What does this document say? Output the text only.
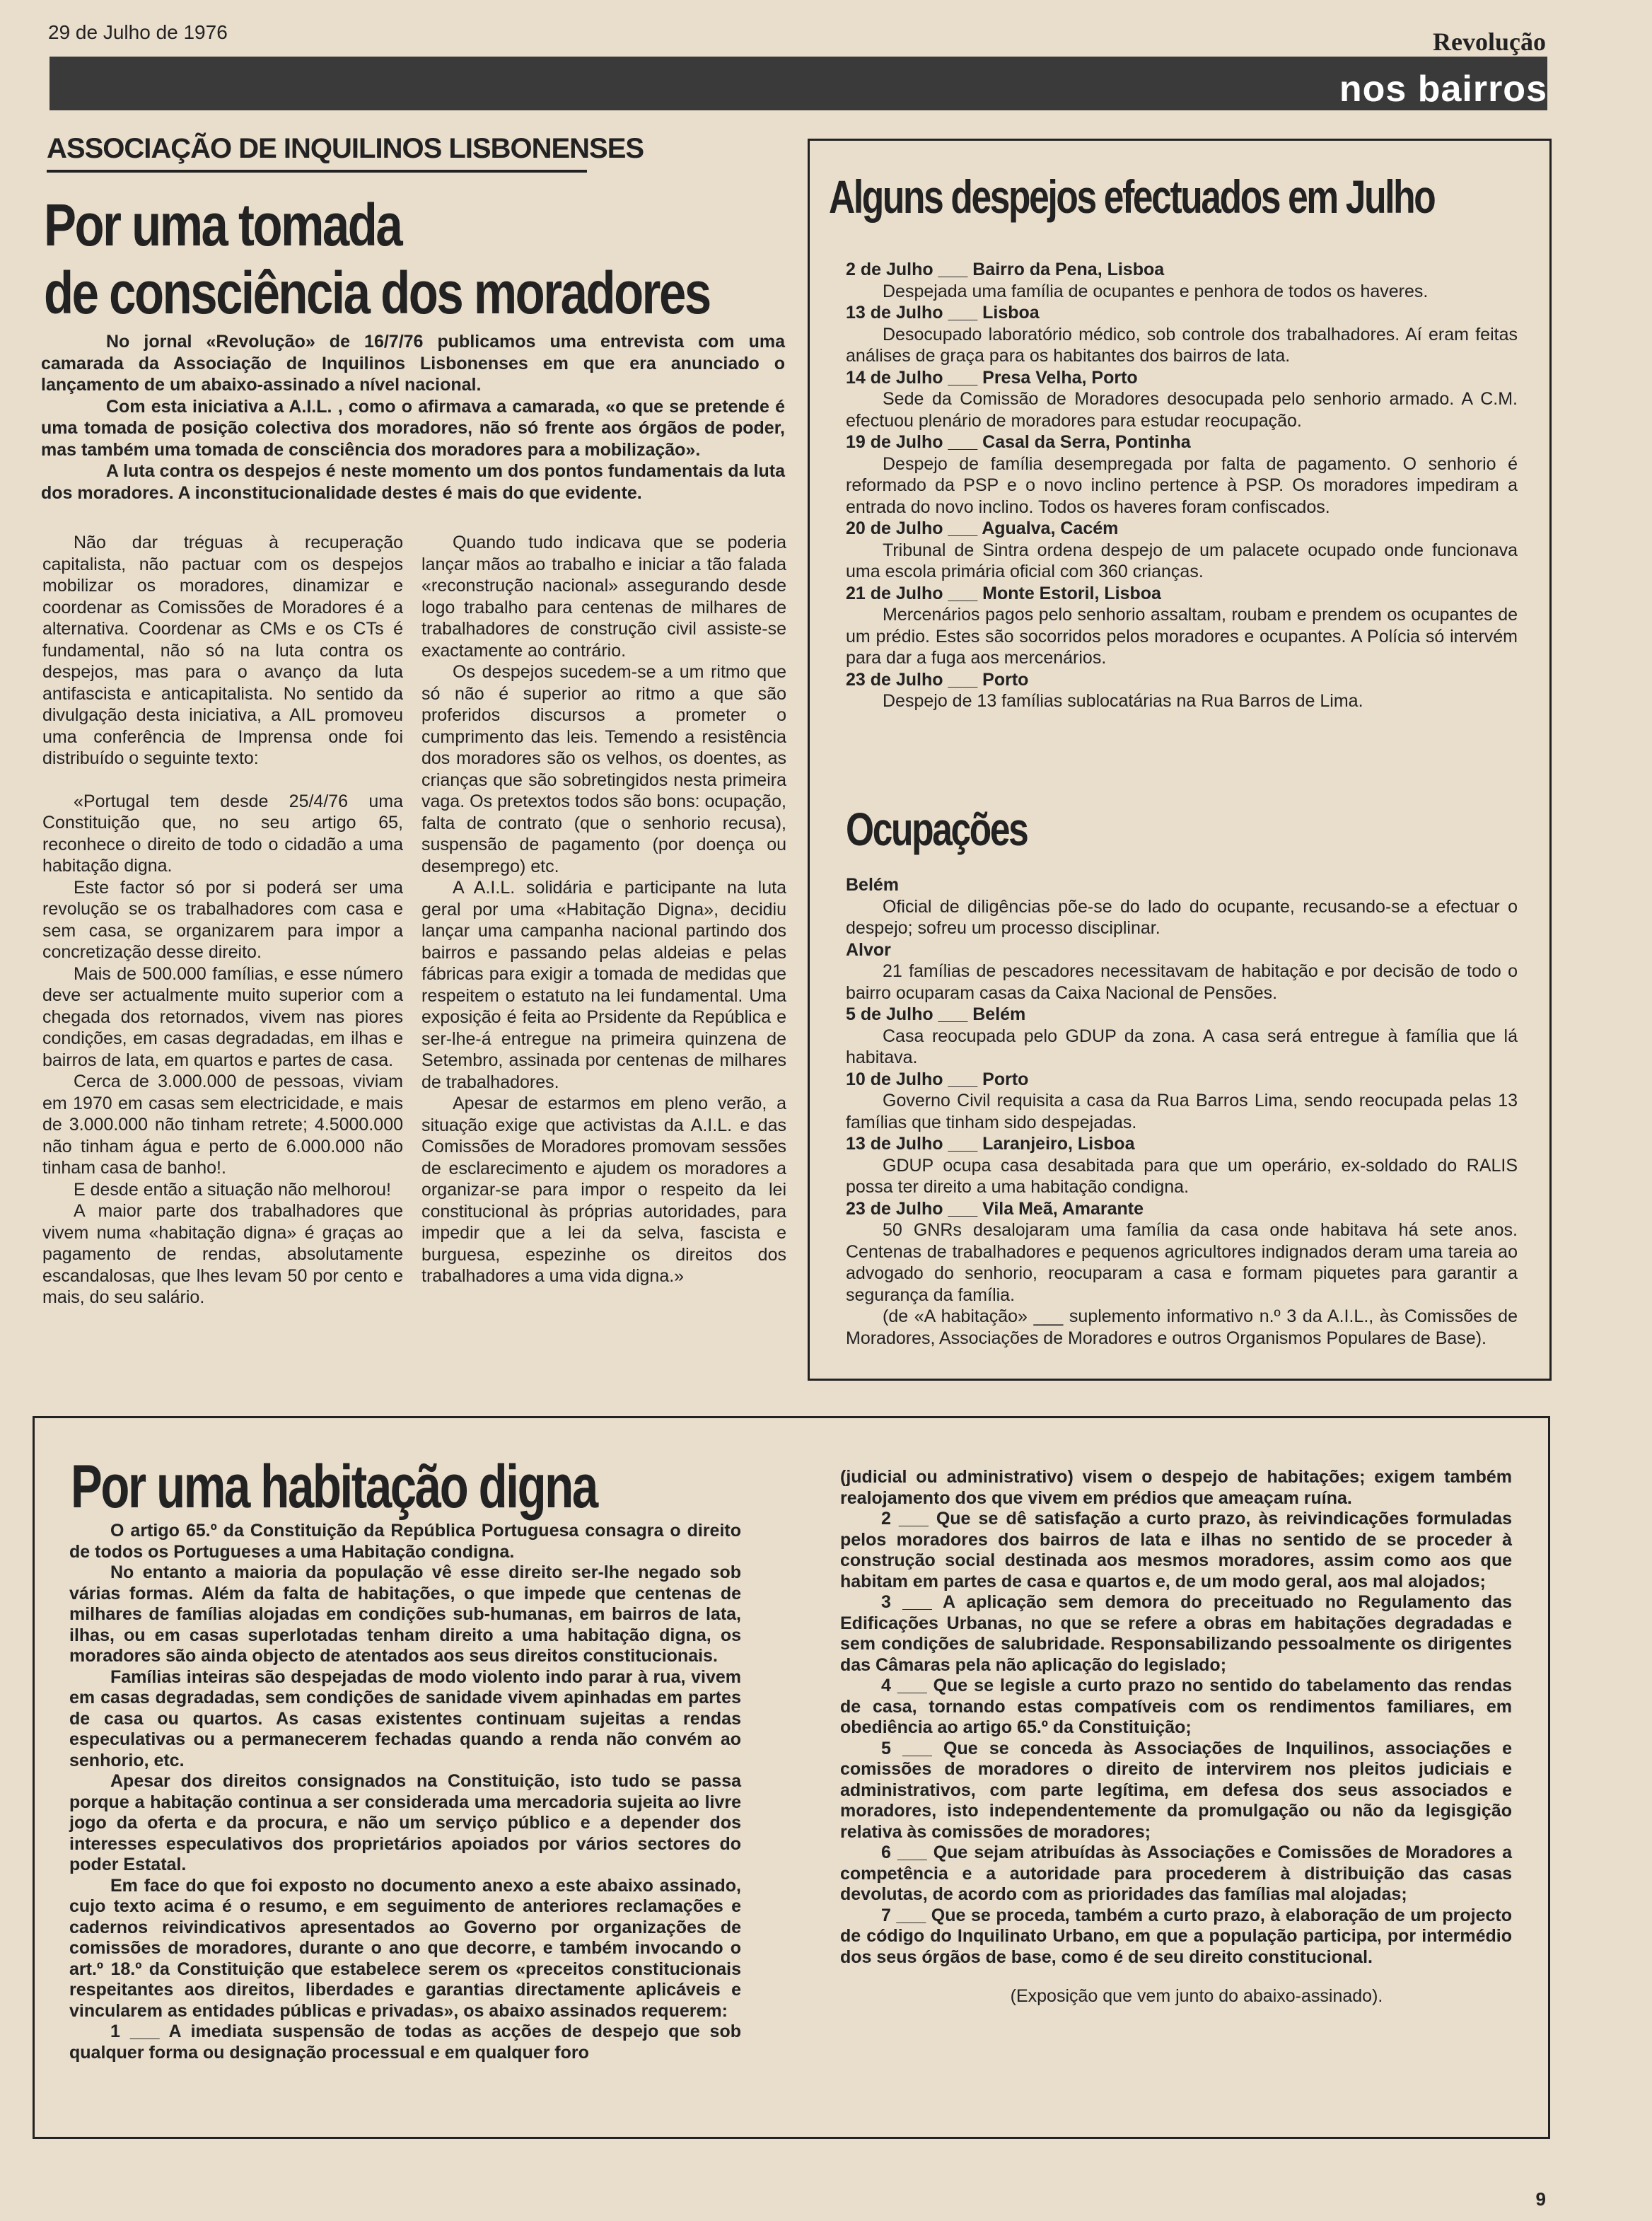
29 de Julho de 1976	Revolução
nos bairros
ASSOCIAÇÃO DE INQUILINOS LISBONENSES
Por uma tomada
de consciência dos moradores

No jornal «Revolução» de 16/7/76 publicamos uma entrevista com uma camarada da Associação de Inquilinos Lisbonenses em que era anunciado o lançamento de um abaixo-assinado a nível nacional.

Com esta iniciativa a A.I.L. , como o afirmava a camarada, «o que se pretende é uma tomada de posição colectiva dos moradores, não só frente aos órgãos de poder, mas também uma tomada de consciência dos moradores para a mobilização».

A luta contra os despejos é neste momento um dos pontos fundamentais da luta dos moradores. A inconstitucionalidade destes é mais do que evidente.

Não dar tréguas à recuperação capitalista, não pactuar com os despejos mobilizar os moradores, dinamizar e coordenar as Comissões de Moradores é a alternativa. Coordenar as CMs e os CTs é fundamental, não só na luta contra os despejos, mas para o avanço da luta antifascista e anticapitalista. No sentido da divulgação desta iniciativa, a AIL promoveu uma conferência de Imprensa onde foi distribuído o seguinte texto:

«Portugal tem desde 25/4/76 uma Constituição que, no seu artigo 65, reconhece o direito de todo o cidadão a uma habitação digna.

Este factor só por si poderá ser uma revolução se os trabalhadores com casa e sem casa, se organizarem para impor a concretização desse direito.

Mais de 500.000 famílias, e esse número deve ser actualmente muito superior com a chegada dos retornados, vivem nas piores condições, em casas degradadas, em ilhas e bairros de lata, em quartos e partes de casa.

Cerca de 3.000.000 de pessoas, viviam em 1970 em casas sem electricidade, e mais de 3.000.000 não tinham retrete; 4.5000.000 não tinham água e perto de 6.000.000 não tinham casa de banho!.

E desde então a situação não melhorou!

A maior parte dos trabalhadores que vivem numa «habitação digna» é graças ao pagamento de rendas, absolutamente escandalosas, que lhes levam 50 por cento e mais, do seu salário.

Quando tudo indicava que se poderia lançar mãos ao trabalho e iniciar a tão falada «reconstrução nacional» assegurando desde logo trabalho para centenas de milhares de trabalhadores de construção civil assiste-se exactamente ao contrário.

Os despejos sucedem-se a um ritmo que só não é superior ao ritmo a que são proferidos discursos a prometer o cumprimento das leis. Temendo a resistência dos moradores são os velhos, os doentes, as crianças que são sobretingidos nesta primeira vaga. Os pretextos todos são bons: ocupação, falta de contrato (que o senhorio recusa), suspensão de pagamento (por doença ou desemprego) etc.

A A.I.L. solidária e participante na luta geral por uma «Habitação Digna», decidiu lançar uma campanha nacional partindo dos bairros e passando pelas aldeias e pelas fábricas para exigir a tomada de medidas que respeitem o estatuto na lei fundamental. Uma exposição é feita ao Prsidente da República e ser-lhe-á entregue na primeira quinzena de Setembro, assinada por centenas de milhares de trabalhadores.

Apesar de estarmos em pleno verão, a situação exige que activistas da A.I.L. e das Comissões de Moradores promovam sessões de esclarecimento e ajudem os moradores a organizar-se para impor o respeito da lei constitucional às próprias autoridades, para impedir que a lei da selva, fascista e burguesa, espezinhe os direitos dos trabalhadores a uma vida digna.»

Alguns despejos efectuados em Julho
2 de Julho ___ Bairro da Pena, Lisboa
Despejada uma família de ocupantes e penhora de todos os haveres.
13 de Julho ___ Lisboa
Desocupado laboratório médico, sob controle dos trabalhadores. Aí eram feitas análises de graça para os habitantes dos bairros de lata.
14 de Julho ___ Presa Velha, Porto
Sede da Comissão de Moradores desocupada pelo senhorio armado. A C.M. efectuou plenário de moradores para estudar reocupação.
19 de Julho ___ Casal da Serra, Pontinha
Despejo de família desempregada por falta de pagamento. O senhorio é reformado da PSP e o novo inclino pertence à PSP. Os moradores impediram a entrada do novo inclino. Todos os haveres foram confiscados.
20 de Julho ___ Agualva, Cacém
Tribunal de Sintra ordena despejo de um palacete ocupado onde funcionava uma escola primária oficial com 360 crianças.
21 de Julho ___ Monte Estoril, Lisboa
Mercenários pagos pelo senhorio assaltam, roubam e prendem os ocupantes de um prédio. Estes são socorridos pelos moradores e ocupantes. A Polícia só intervém para dar a fuga aos mercenários.
23 de Julho ___ Porto
Despejo de 13 famílias sublocatárias na Rua Barros de Lima.
Ocupações
Belém
Oficial de diligências põe-se do lado do ocupante, recusando-se a efectuar o despejo; sofreu um processo disciplinar.
Alvor
21 famílias de pescadores necessitavam de habitação e por decisão de todo o bairro ocuparam casas da Caixa Nacional de Pensões.
5 de Julho ___ Belém
Casa reocupada pelo GDUP da zona. A casa será entregue à família que lá habitava.
10 de Julho ___ Porto
Governo Civil requisita a casa da Rua Barros Lima, sendo reocupada pelas 13 famílias que tinham sido despejadas.
13 de Julho ___ Laranjeiro, Lisboa
GDUP ocupa casa desabitada para que um operário, ex-soldado do RALIS possa ter direito a uma habitação condigna.
23 de Julho ___ Vila Meã, Amarante
50 GNRs desalojaram uma família da casa onde habitava há sete anos. Centenas de trabalhadores e pequenos agricultores indignados deram uma tareia ao advogado do senhorio, reocuparam a casa e formam piquetes para garantir a segurança da família.
(de «A habitação» ___ suplemento informativo n.º 3 da A.I.L., às Comissões de Moradores, Associações de Moradores e outros Organismos Populares de Base).
Por uma habitação digna

O artigo 65.º da Constituição da República Portuguesa consagra o direito de todos os Portugueses a uma Habitação condigna.

No entanto a maioria da população vê esse direito ser-lhe negado sob várias formas. Além da falta de habitações, o que impede que centenas de milhares de famílias alojadas em condições sub-humanas, em bairros de lata, ilhas, ou em casas superlotadas tenham direito a uma habitação digna, os moradores são ainda objecto de atentados aos seus direitos constitucionais.

Famílias inteiras são despejadas de modo violento indo parar à rua, vivem em casas degradadas, sem condições de sanidade vivem apinhadas em partes de casa ou quartos. As casas existentes continuam sujeitas a rendas especulativas ou a permanecerem fechadas quando a renda não convém ao senhorio, etc.

Apesar dos direitos consignados na Constituição, isto tudo se passa porque a habitação continua a ser considerada uma mercadoria sujeita ao livre jogo da oferta e da procura, e não um serviço público e a depender dos interesses especulativos dos proprietários apoiados por vários sectores do poder Estatal.

Em face do que foi exposto no documento anexo a este abaixo assinado, cujo texto acima é o resumo, e em seguimento de anteriores reclamações e cadernos reivindicativos apresentados ao Governo por organizações de comissões de moradores, durante o ano que decorre, e também invocando o art.º 18.º da Constituição que estabelece serem os «preceitos constitucionais respeitantes aos direitos, liberdades e garantias directamente aplicáveis e vincularem as entidades públicas e privadas», os abaixo assinados requerem:

1 ___ A imediata suspensão de todas as acções de despejo que sob qualquer forma ou designação processual e em qualquer foro

(judicial ou administrativo) visem o despejo de habitações; exigem também realojamento dos que vivem em prédios que ameaçam ruína.

2 ___ Que se dê satisfação a curto prazo, às reivindicações formuladas pelos moradores dos bairros de lata e ilhas no sentido de se proceder à construção social destinada aos mesmos moradores, assim como aos que habitam em partes de casa e quartos e, de um modo geral, aos mal alojados;

3 ___ A aplicação sem demora do preceituado no Regulamento das Edificações Urbanas, no que se refere a obras em habitações degradadas e sem condições de salubridade. Responsabilizando pessoalmente os dirigentes das Câmaras pela não aplicação do legislado;

4 ___ Que se legisle a curto prazo no sentido do tabelamento das rendas de casa, tornando estas compatíveis com os rendimentos familiares, em obediência ao artigo 65.º da Constituição;

5 ___ Que se conceda às Associações de Inquilinos, associações e comissões de moradores o direito de intervirem nos pleitos judiciais e administrativos, com parte legítima, em defesa dos seus associados e moradores, isto independentemente da promulgação ou não da legisgição relativa às comissões de moradores;

6 ___ Que sejam atribuídas às Associações e Comissões de Moradores a competência e a autoridade para procederem à distribuição das casas devolutas, de acordo com as prioridades das famílias mal alojadas;

7 ___ Que se proceda, também a curto prazo, à elaboração de um projecto de código do Inquilinato Urbano, em que a população participa, por intermédio dos seus órgãos de base, como é de seu direito constitucional.

(Exposição que vem junto do abaixo-assinado).

9
